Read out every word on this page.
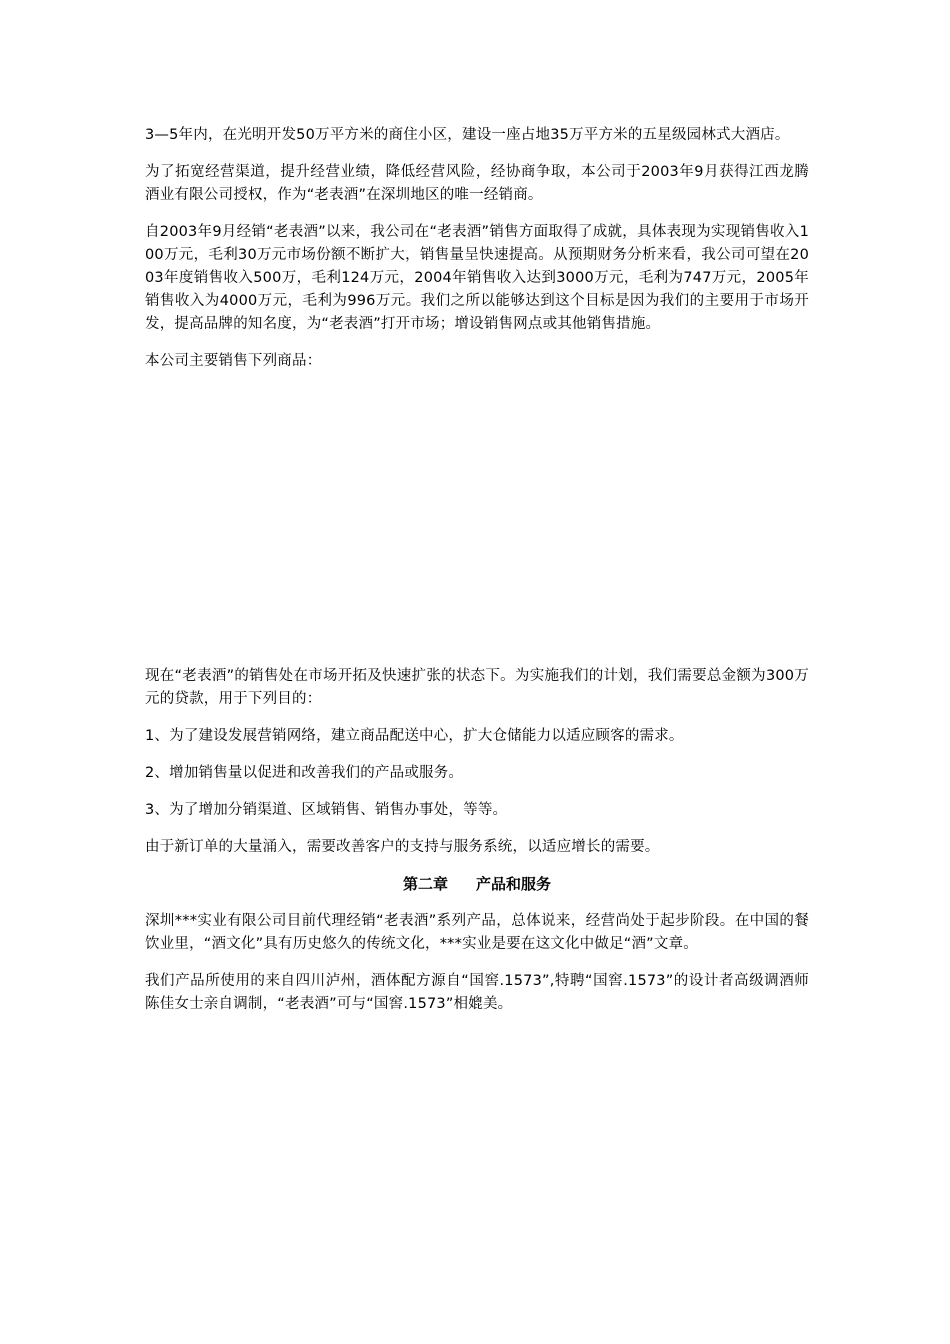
3—5年内，在光明开发50万平方米的商住小区，建设一座占地35万平方米的五星级园林式大酒店。

为了拓宽经营渠道，提升经营业绩，降低经营风险，经协商争取，本公司于2003年9月获得江西龙腾酒业有限公司授权，作为“老表酒”在深圳地区的唯一经销商。

自2003年9月经销“老表酒”以来，我公司在“老表酒”销售方面取得了成就，具体表现为实现销售收入100万元，毛利30万元市场份额不断扩大，销售量呈快速提高。从预期财务分析来看，我公司可望在2003年度销售收入500万，毛利124万元，2004年销售收入达到3000万元，毛利为747万元，2005年销售收入为4000万元，毛利为996万元。我们之所以能够达到这个目标是因为我们的主要用于市场开发，提高品牌的知名度，为“老表酒”打开市场；增设销售网点或其他销售措施。

本公司主要销售下列商品：

现在“老表酒”的销售处在市场开拓及快速扩张的状态下。为实施我们的计划，我们需要总金额为300万元的贷款，用于下列目的：

1、为了建设发展营销网络，建立商品配送中心，扩大仓储能力以适应顾客的需求。

2、增加销售量以促进和改善我们的产品或服务。

3、为了增加分销渠道、区域销售、销售办事处，等等。

由于新订单的大量涌入，需要改善客户的支持与服务系统，以适应增长的需要。

第二章 产品和服务

深圳***实业有限公司目前代理经销“老表酒”系列产品，总体说来，经营尚处于起步阶段。在中国的餐饮业里，“酒文化”具有历史悠久的传统文化，***实业是要在这文化中做足“酒”文章。

我们产品所使用的来自四川泸州，酒体配方源自“国窖.1573”,特聘“国窖.1573”的设计者高级调酒师陈佳女士亲自调制，“老表酒”可与“国窖.1573”相媲美。
